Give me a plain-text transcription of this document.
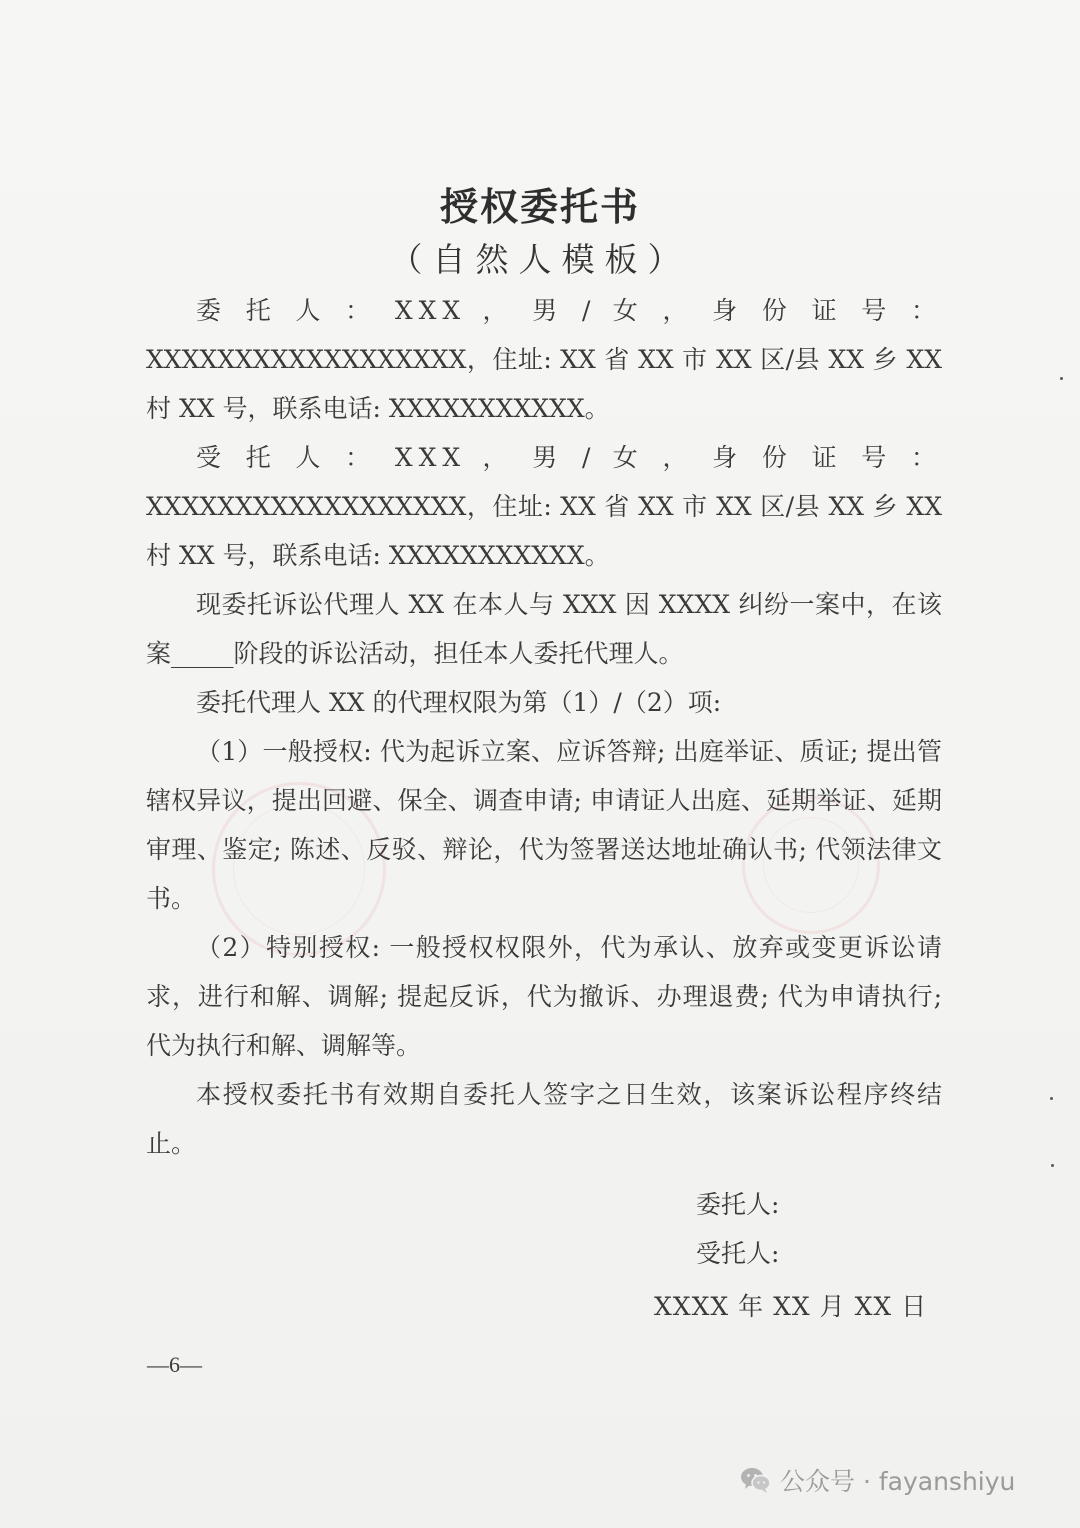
授权委托书
（自然人模板）

委 托 人 ： XXX ， 男 / 女 ， 身 份 证 号 ：

XXXXXXXXXXXXXXXXXX，住址: XX 省 XX 市 XX 区/县 XX 乡 XX 村 XX 号，联系电话: XXXXXXXXXXX。

受 托 人 ： XXX ， 男 / 女 ， 身 份 证 号 ：

XXXXXXXXXXXXXXXXXX，住址: XX 省 XX 市 XX 区/县 XX 乡 XX 村 XX 号，联系电话: XXXXXXXXXXX。

现委托诉讼代理人 XX 在本人与 XXX 因 XXXX 纠纷一案中，在该案_____阶段的诉讼活动，担任本人委托代理人。

委托代理人 XX 的代理权限为第（1）/（2）项:

（1）一般授权: 代为起诉立案、应诉答辩; 出庭举证、质证; 提出管辖权异议，提出回避、保全、调查申请; 申请证人出庭、延期举证、延期审理、鉴定; 陈述、反驳、辩论，代为签署送达地址确认书; 代领法律文书。

（2）特别授权: 一般授权权限外，代为承认、放弃或变更诉讼请求，进行和解、调解; 提起反诉，代为撤诉、办理退费; 代为申请执行; 代为执行和解、调解等。

本授权委托书有效期自委托人签字之日生效，该案诉讼程序终结止。

委托人:
受托人:
XXXX 年 XX 月 XX 日
—6—
公众号 · fayanshiyu
